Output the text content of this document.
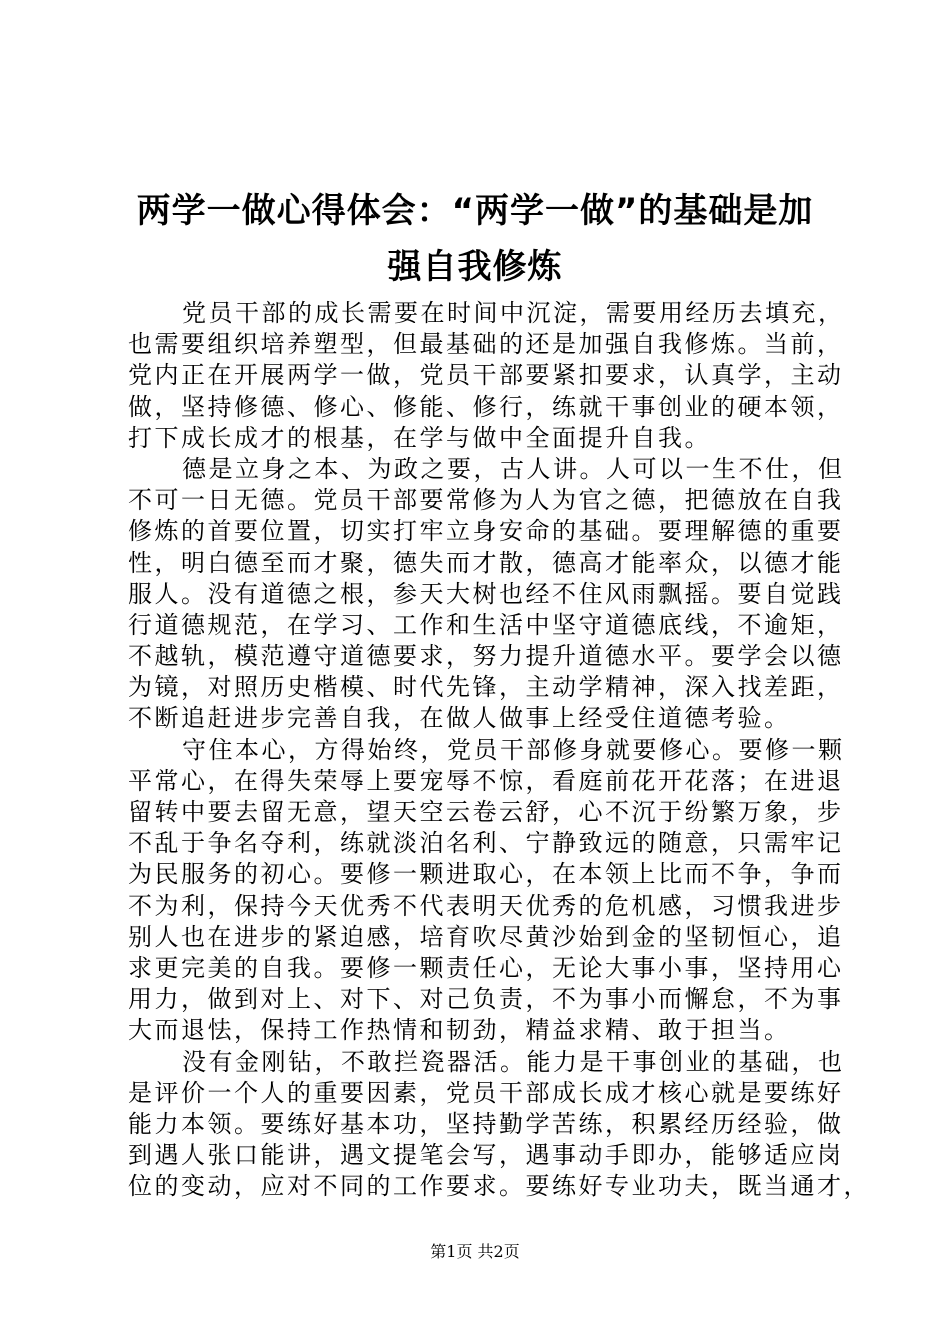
两学一做心得体会：“两学一做”的基础是加
强自我修炼
党员干部的成长需要在时间中沉淀，需要用经历去填充，
也需要组织培养塑型，但最基础的还是加强自我修炼。当前，
党内正在开展两学一做，党员干部要紧扣要求，认真学，主动
做，坚持修德、修心、修能、修行，练就干事创业的硬本领，
打下成长成才的根基，在学与做中全面提升自我。
德是立身之本、为政之要，古人讲。人可以一生不仕，但
不可一日无德。党员干部要常修为人为官之德，把德放在自我
修炼的首要位置，切实打牢立身安命的基础。要理解德的重要
性，明白德至而才聚，德失而才散，德高才能率众，以德才能
服人。没有道德之根，参天大树也经不住风雨飘摇。要自觉践
行道德规范，在学习、工作和生活中坚守道德底线，不逾矩，
不越轨，模范遵守道德要求，努力提升道德水平。要学会以德
为镜，对照历史楷模、时代先锋，主动学精神，深入找差距，
不断追赶进步完善自我，在做人做事上经受住道德考验。
守住本心，方得始终，党员干部修身就要修心。要修一颗
平常心，在得失荣辱上要宠辱不惊，看庭前花开花落；在进退
留转中要去留无意，望天空云卷云舒，心不沉于纷繁万象，步
不乱于争名夺利，练就淡泊名利、宁静致远的随意，只需牢记
为民服务的初心。要修一颗进取心，在本领上比而不争，争而
不为利，保持今天优秀不代表明天优秀的危机感，习惯我进步
别人也在进步的紧迫感，培育吹尽黄沙始到金的坚韧恒心，追
求更完美的自我。要修一颗责任心，无论大事小事，坚持用心
用力，做到对上、对下、对己负责，不为事小而懈怠，不为事
大而退怯，保持工作热情和韧劲，精益求精、敢于担当。
没有金刚钻，不敢拦瓷器活。能力是干事创业的基础，也
是评价一个人的重要因素，党员干部成长成才核心就是要练好
能力本领。要练好基本功，坚持勤学苦练，积累经历经验，做
到遇人张口能讲，遇文提笔会写，遇事动手即办，能够适应岗
位的变动，应对不同的工作要求。要练好专业功夫，既当通才，
第1页 共2页
